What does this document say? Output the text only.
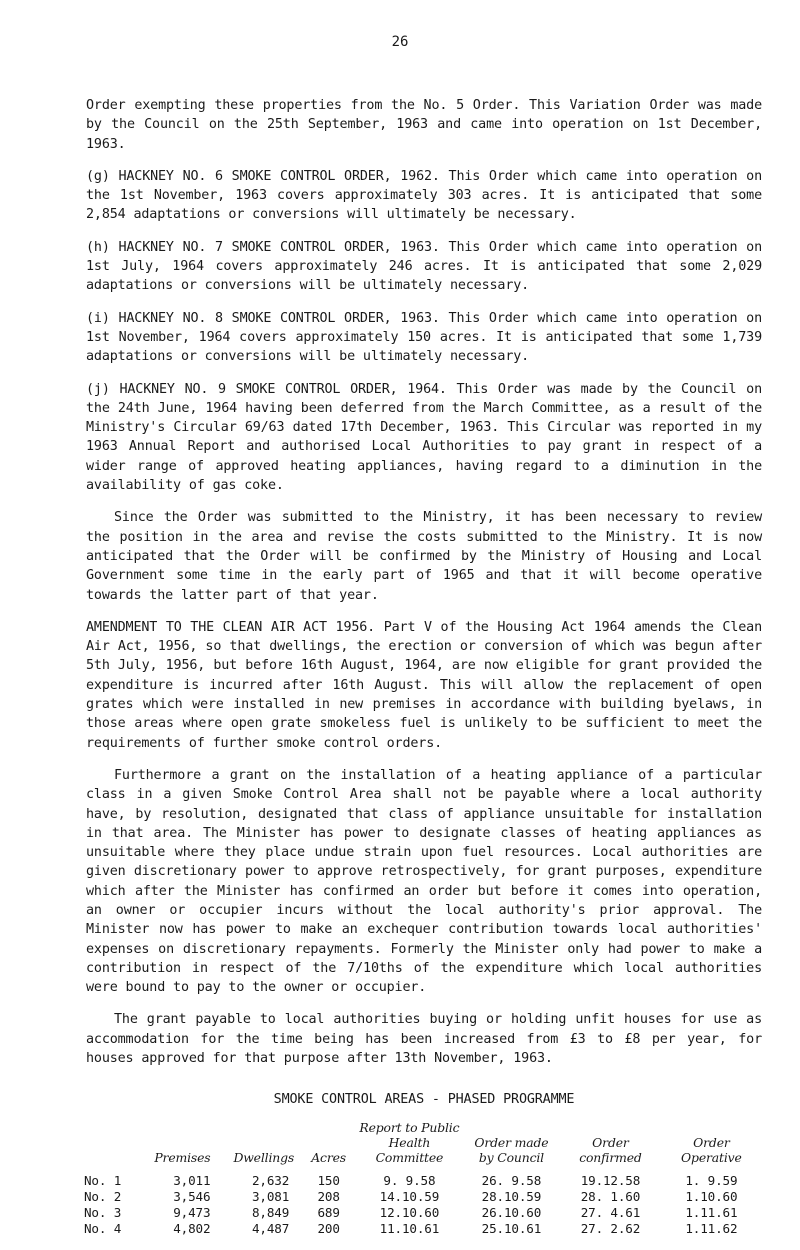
26

Order exempting these properties from the No. 5 Order. This Variation Order was made by the Council on the 25th September, 1963 and came into operation on 1st December, 1963.

(g) HACKNEY NO. 6 SMOKE CONTROL ORDER, 1962. This Order which came into operation on the 1st November, 1963 covers approximately 303 acres. It is anticipated that some 2,854 adaptations or conversions will ultimately be necessary.

(h) HACKNEY NO. 7 SMOKE CONTROL ORDER, 1963. This Order which came into operation on 1st July, 1964 covers approximately 246 acres. It is anticipated that some 2,029 adaptations or conversions will be ultimately necessary.

(i) HACKNEY NO. 8 SMOKE CONTROL ORDER, 1963. This Order which came into operation on 1st November, 1964 covers approximately 150 acres. It is anticipated that some 1,739 adaptations or conversions will be ultimately necessary.

(j) HACKNEY NO. 9 SMOKE CONTROL ORDER, 1964. This Order was made by the Council on the 24th June, 1964 having been deferred from the March Committee, as a result of the Ministry's Circular 69/63 dated 17th December, 1963. This Circular was reported in my 1963 Annual Report and authorised Local Authorities to pay grant in respect of a wider range of approved heating appliances, having regard to a diminution in the availability of gas coke.

Since the Order was submitted to the Ministry, it has been necessary to review the position in the area and revise the costs submitted to the Ministry. It is now anticipated that the Order will be confirmed by the Ministry of Housing and Local Government some time in the early part of 1965 and that it will become operative towards the latter part of that year.

AMENDMENT TO THE CLEAN AIR ACT 1956. Part V of the Housing Act 1964 amends the Clean Air Act, 1956, so that dwellings, the erection or conversion of which was begun after 5th July, 1956, but before 16th August, 1964, are now eligible for grant provided the expenditure is incurred after 16th August. This will allow the replacement of open grates which were installed in new premises in accordance with building byelaws, in those areas where open grate smokeless fuel is unlikely to be sufficient to meet the requirements of further smoke control orders.

Furthermore a grant on the installation of a heating appliance of a particular class in a given Smoke Control Area shall not be payable where a local authority have, by resolution, designated that class of appliance unsuitable for installation in that area. The Minister has power to designate classes of heating appliances as unsuitable where they place undue strain upon fuel resources. Local authorities are given discretionary power to approve retrospectively, for grant purposes, expenditure which after the Minister has confirmed an order but before it comes into operation, an owner or occupier incurs without the local authority's prior approval. The Minister now has power to make an exchequer contribution towards local authorities' expenses on discretionary repayments. Formerly the Minister only had power to make a contribution in respect of the 7/10ths of the expenditure which local authorities were bound to pay to the owner or occupier.

The grant payable to local authorities buying or holding unfit houses for use as accommodation for the time being has been increased from £3 to £8 per year, for houses approved for that purpose after 13th November, 1963.

SMOKE CONTROL AREAS - PHASED PROGRAMME
	Premises	Dwellings	Acres	Report to Public Health Committee	Order made by Council	Order confirmed	Order Operative
No. 1	3,011	2,632	150	9. 9.58	26. 9.58	19.12.58	1. 9.59
No. 2	3,546	3,081	208	14.10.59	28.10.59	28. 1.60	1.10.60
No. 3	9,473	8,849	689	12.10.60	26.10.60	27. 4.61	1.11.61
No. 4	4,802	4,487	200	11.10.61	25.10.61	27. 2.62	1.11.62
